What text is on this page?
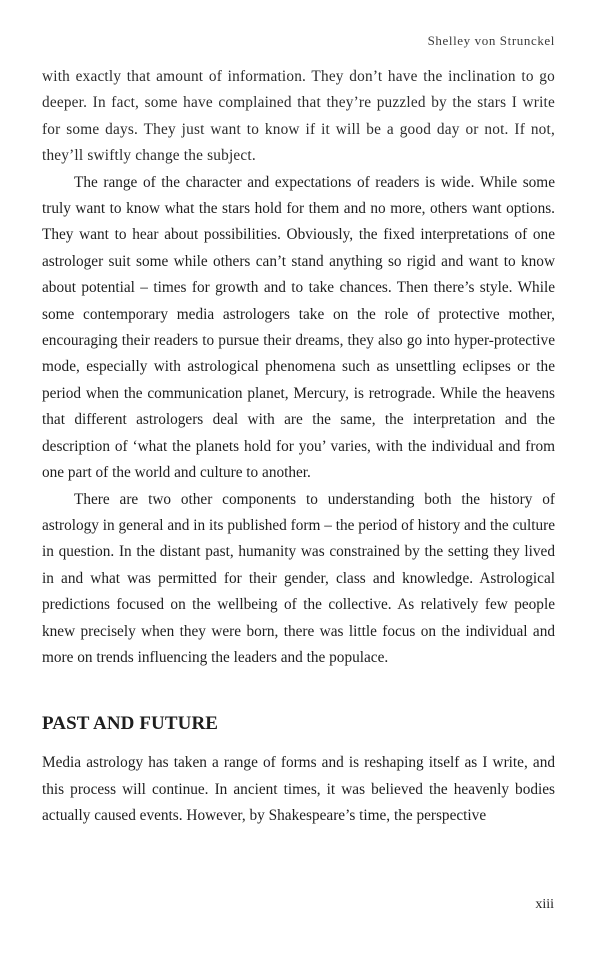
Shelley von Strunckel

with exactly that amount of information. They don’t have the inclination to go deeper. In fact, some have complained that they’re puzzled by the stars I write for some days. They just want to know if it will be a good day or not. If not, they’ll swiftly change the subject.

The range of the character and expectations of readers is wide. While some truly want to know what the stars hold for them and no more, others want options. They want to hear about possibilities. Obviously, the fixed interpretations of one astrologer suit some while others can’t stand anything so rigid and want to know about potential – times for growth and to take chances. Then there’s style. While some contemporary media astrologers take on the role of protective mother, encouraging their readers to pursue their dreams, they also go into hyper-protective mode, especially with astrological phenomena such as unsettling eclipses or the period when the communication planet, Mercury, is retrograde. While the heavens that different astrologers deal with are the same, the interpretation and the description of ‘what the planets hold for you’ varies, with the individual and from one part of the world and culture to another.

There are two other components to understanding both the history of astrology in general and in its published form – the period of history and the culture in question. In the distant past, humanity was constrained by the setting they lived in and what was permitted for their gender, class and knowledge. Astrological predictions focused on the wellbeing of the collective. As relatively few people knew precisely when they were born, there was little focus on the individual and more on trends influencing the leaders and the populace.

PAST AND FUTURE

Media astrology has taken a range of forms and is reshaping itself as I write, and this process will continue. In ancient times, it was believed the heavenly bodies actually caused events. However, by Shakespeare’s time, the perspective

xiii
